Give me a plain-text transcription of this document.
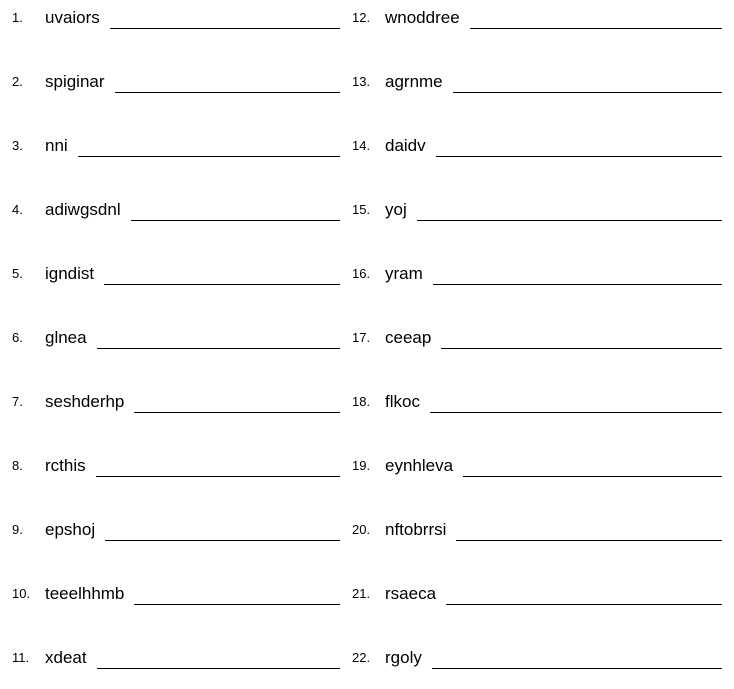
1.	uvaiors
2.	spiginar
3.	nni
4.	adiwgsdnl
5.	igndist
6.	glnea
7.	seshderhp
8.	rcthis
9.	epshoj
10. teeelhhmb
11. xdeat
12. wnoddree
13. agrnme
14. daidv
15. yoj
16. yram
17. ceeap
18. flkoc
19. eynhleva
20. nftobrrsi
21. rsaeca
22. rgoly
